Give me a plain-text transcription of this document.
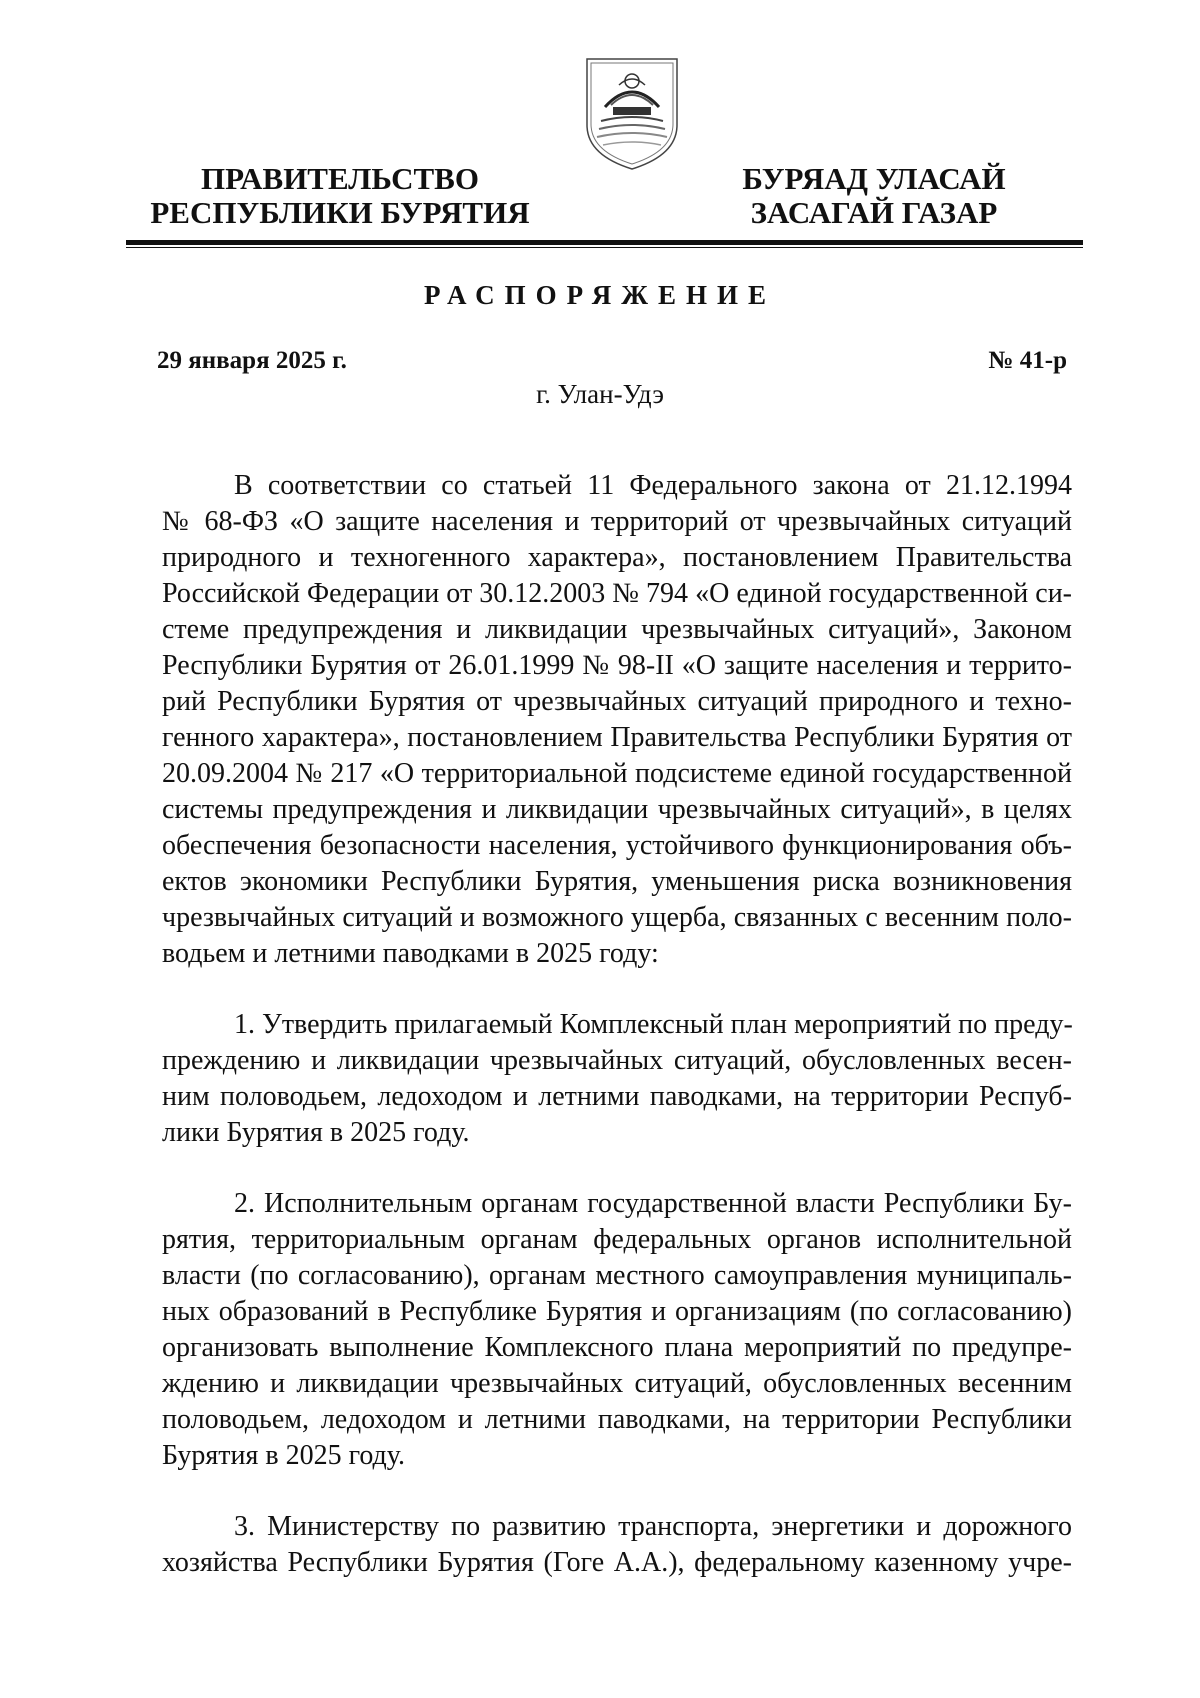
ПРАВИТЕЛЬСТВО
РЕСПУБЛИКИ БУРЯТИЯ
БУРЯАД УЛАСАЙ
ЗАСАГАЙ ГАЗАР
РАСПОРЯЖЕНИЕ
29 января 2025 г.	№ 41-р
г. Улан-Удэ
В соответствии со статьей 11 Федерального закона от 21.12.1994
№ 68-ФЗ «О защите населения и территорий от чрезвычайных ситуаций
природного и техногенного характера», постановлением Правительства
Российской Федерации от 30.12.2003 № 794 «О единой государственной си-
стеме предупреждения и ликвидации чрезвычайных ситуаций», Законом
Республики Бурятия от 26.01.1999 № 98-II «О защите населения и террито-
рий Республики Бурятия от чрезвычайных ситуаций природного и техно-
генного характера», постановлением Правительства Республики Бурятия от
20.09.2004 № 217 «О территориальной подсистеме единой государственной
системы предупреждения и ликвидации чрезвычайных ситуаций», в целях
обеспечения безопасности населения, устойчивого функционирования объ-
ектов экономики Республики Бурятия, уменьшения риска возникновения
чрезвычайных ситуаций и возможного ущерба, связанных с весенним поло-
водьем и летними паводками в 2025 году:
1. Утвердить прилагаемый Комплексный план мероприятий по преду-
преждению и ликвидации чрезвычайных ситуаций, обусловленных весен-
ним половодьем, ледоходом и летними паводками, на территории Респуб-
лики Бурятия в 2025 году.
2. Исполнительным органам государственной власти Республики Бу-
рятия, территориальным органам федеральных органов исполнительной
власти (по согласованию), органам местного самоуправления муниципаль-
ных образований в Республике Бурятия и организациям (по согласованию)
организовать выполнение Комплексного плана мероприятий по предупре-
ждению и ликвидации чрезвычайных ситуаций, обусловленных весенним
половодьем, ледоходом и летними паводками, на территории Республики
Бурятия в 2025 году.
3. Министерству по развитию транспорта, энергетики и дорожного
хозяйства Республики Бурятия (Гоге А.А.), федеральному казенному учре-
